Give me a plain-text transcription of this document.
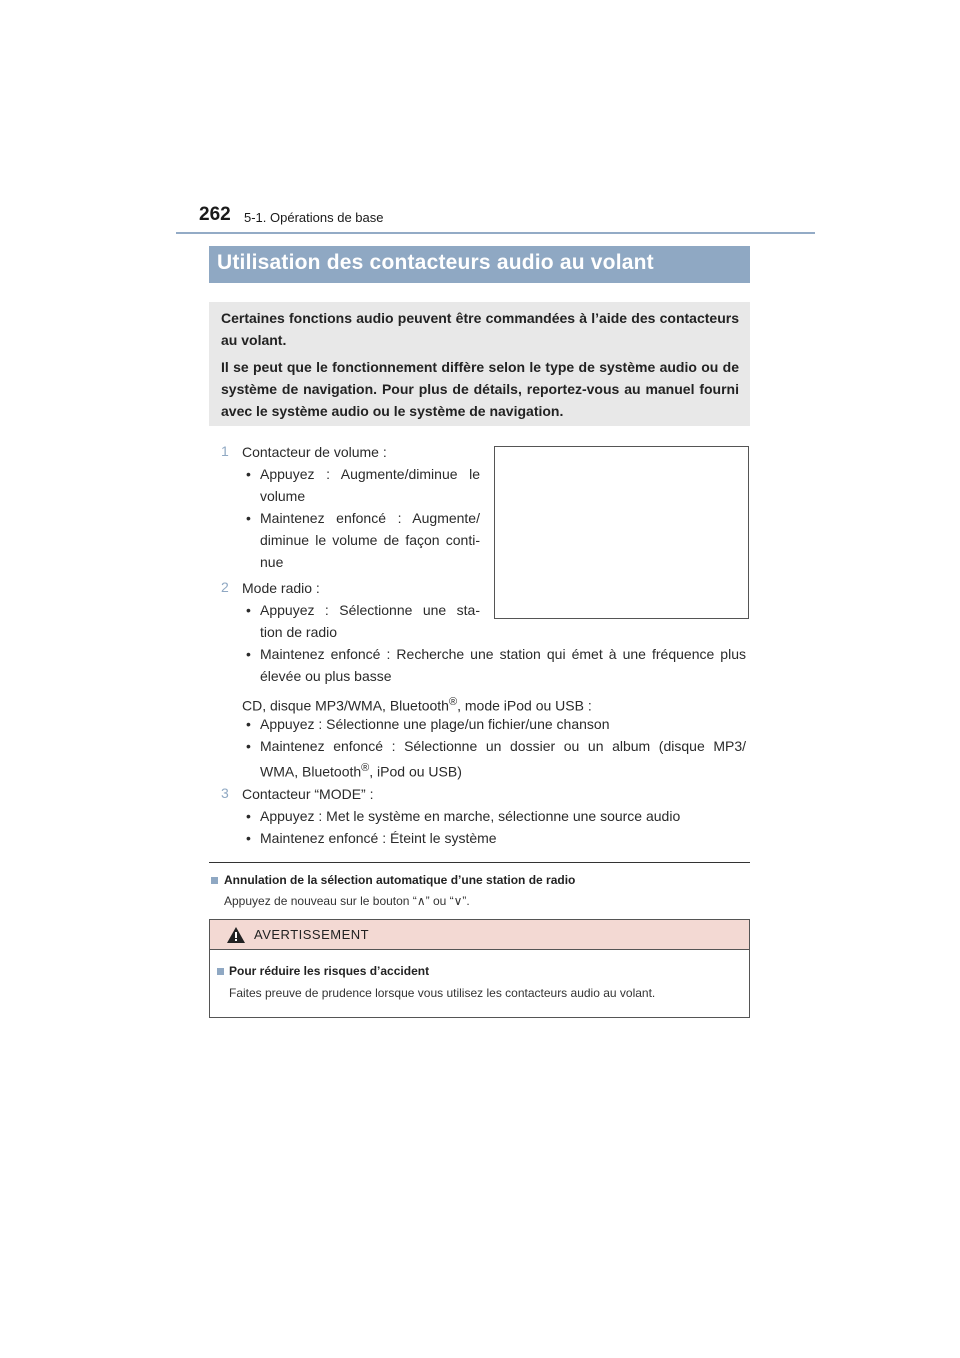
262 5-1. Opérations de base
Utilisation des contacteurs audio au volant

Certaines fonctions audio peuvent être commandées à l’aide des contacteurs au volant.

Il se peut que le fonctionnement diffère selon le type de système audio ou de système de navigation. Pour plus de détails, reportez-vous au manuel fourni avec le système audio ou le système de navigation.

1 Contacteur de volume :
• Appuyez : Augmente/diminue le
volume
• Maintenez enfoncé : Augmente/
diminue le volume de façon conti-
nue
2 Mode radio :
• Appuyez : Sélectionne une sta-
tion de radio
• Maintenez enfoncé : Recherche une station qui émet à une fréquence plus
élevée ou plus basse
CD, disque MP3/WMA, Bluetooth®, mode iPod ou USB :
• Appuyez : Sélectionne une plage/un fichier/une chanson
• Maintenez enfoncé : Sélectionne un dossier ou un album (disque MP3/
WMA, Bluetooth®, iPod ou USB)
3 Contacteur “MODE” :
• Appuyez : Met le système en marche, sélectionne une source audio
• Maintenez enfoncé : Éteint le système
Annulation de la sélection automatique d’une station de radio
Appuyez de nouveau sur le bouton “∧” ou “∨”.
AVERTISSEMENT
Pour réduire les risques d’accident
Faites preuve de prudence lorsque vous utilisez les contacteurs audio au volant.
